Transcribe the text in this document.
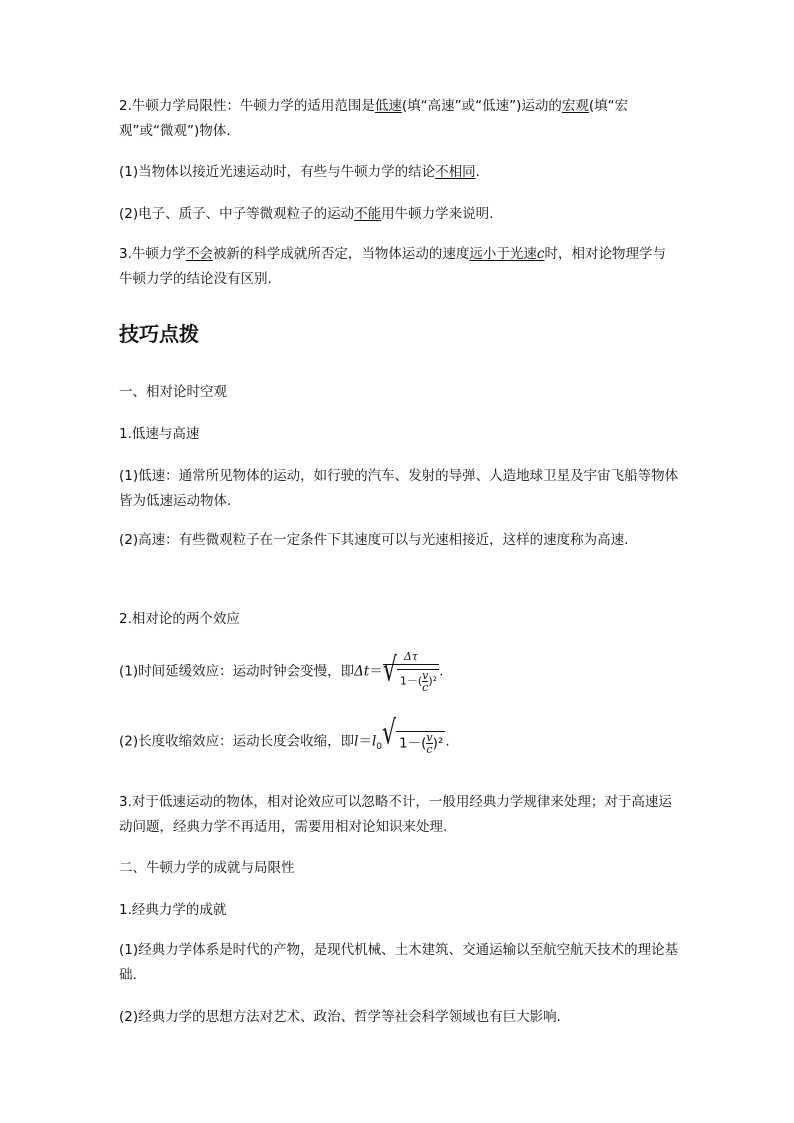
2.牛顿力学局限性：牛顿力学的适用范围是低速(填“高速”或“低速”)运动的宏观(填“宏观”或“微观”)物体.
(1)当物体以接近光速运动时，有些与牛顿力学的结论不相同.
(2)电子、质子、中子等微观粒子的运动不能用牛顿力学来说明.
3.牛顿力学不会被新的科学成就所否定，当物体运动的速度远小于光速c时，相对论物理学与牛顿力学的结论没有区别.
技巧点拨
一、相对论时空观
1.低速与高速
(1)低速：通常所见物体的运动，如行驶的汽车、发射的导弹、人造地球卫星及宇宙飞船等物体皆为低速运动物体.
(2)高速：有些微观粒子在一定条件下其速度可以与光速相接近，这样的速度称为高速.
2.相对论的两个效应
(1)时间延缓效应：运动时钟会变慢，即$\Delta t= \frac{\Delta\tau}{√ 1-( \frac{v}{c} )^2}$ .
(2)长度收缩效应：运动长度会收缩，即$l=l_0√$ $1-( \frac{v}{c} )^2$ .
3.对于低速运动的物体，相对论效应可以忽略不计，一般用经典力学规律来处理；对于高速运动问题，经典力学不再适用，需要用相对论知识来处理.
二、牛顿力学的成就与局限性
1.经典力学的成就
(1)经典力学体系是时代的产物，是现代机械、土木建筑、交通运输以至航空航天技术的理论基础.
(2)经典力学的思想方法对艺术、政治、哲学等社会科学领域也有巨大影响.
